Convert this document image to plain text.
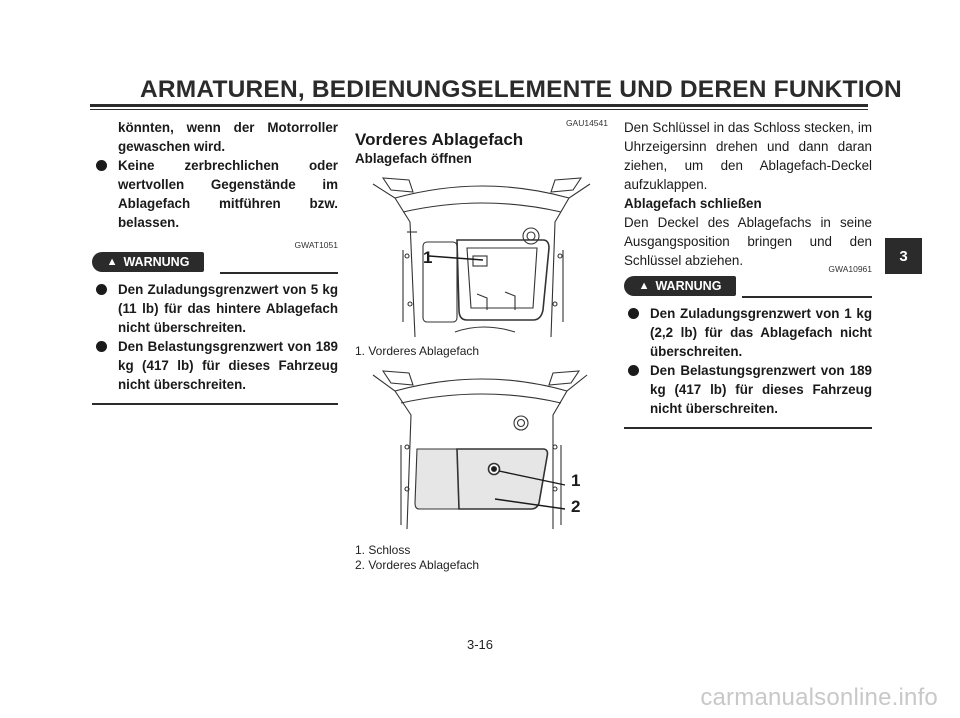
ARMATUREN, BEDIENUNGSELEMENTE UND DEREN FUNKTION
3
könnten, wenn der Motorroller
gewaschen wird.
Keine zerbrechlichen oder wertvollen Gegenstände im Ablagefach mitführen bzw. belassen.
GWAT1051
▲ WARNUNG
Den Zuladungsgrenzwert von 5 kg (11 lb) für das hintere Ablagefach nicht überschreiten.
Den Belastungsgrenzwert von 189 kg (417 lb) für dieses Fahrzeug nicht überschreiten.
GAU14541
Vorderes Ablagefach
Ablagefach öffnen
1
1. Vorderes Ablagefach
1
2
1. Schloss
2. Vorderes Ablagefach
Den Schlüssel in das Schloss stecken, im Uhrzeigersinn drehen und dann daran ziehen, um den Ablagefach-Deckel aufzuklappen.
Ablagefach schließen
Den Deckel des Ablagefachs in seine Ausgangsposition bringen und den Schlüssel abziehen.
GWA10961
▲ WARNUNG
Den Zuladungsgrenzwert von 1 kg (2,2 lb) für das Ablagefach nicht überschreiten.
Den Belastungsgrenzwert von 189 kg (417 lb) für dieses Fahrzeug nicht überschreiten.
3-16
carmanualsonline.info
